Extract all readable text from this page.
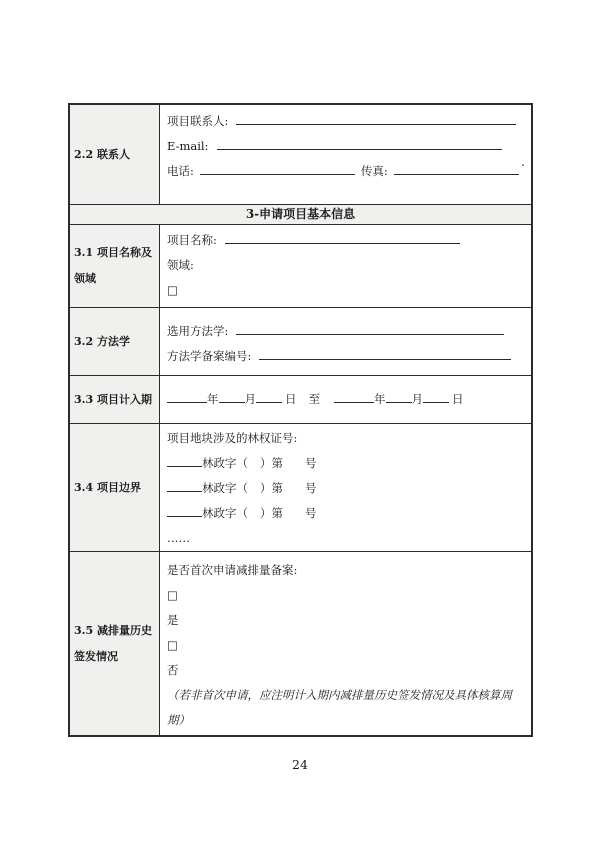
2.2 联系人
项目联系人:
E-mail:
电话:	传真:
3-申请项目基本信息
3.1 项目名称及
领域
项目名称:
领域:
□
3.2 方法学
选用方法学:
方法学备案编号:
3.3 项目计入期	年 月	日 至	年 月	日
3.4 项目边界
项目地块涉及的林权证号:
林政字（ ）第 号
林政字（ ）第 号
林政字（ ）第 号
……
3.5 减排量历史
签发情况
是否首次申请减排量备案:
□
是
□
否
（若非首次申请，应注明计入期内减排量历史签发情况及具体核算周期）
24
.
